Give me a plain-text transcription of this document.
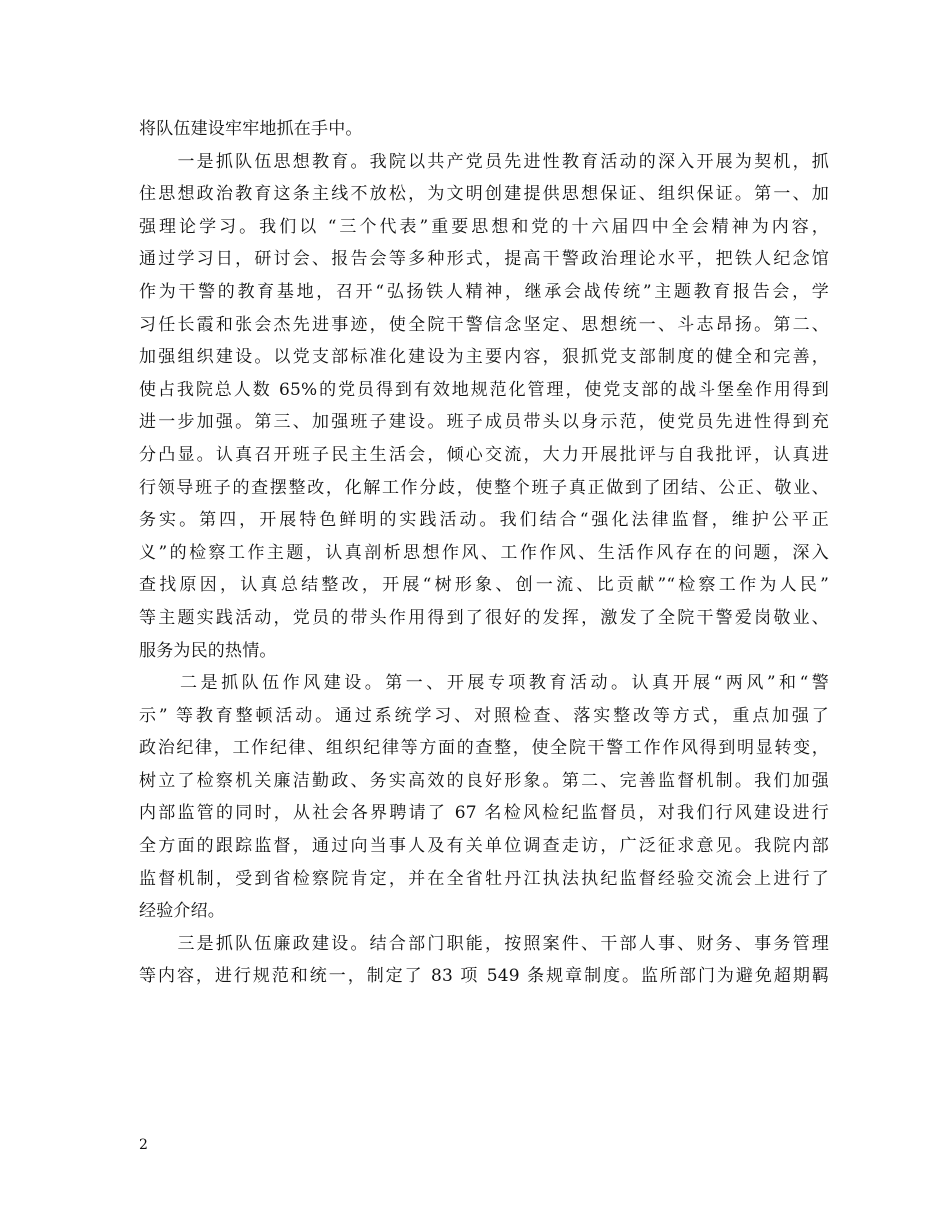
将队伍建设牢牢地抓在手中。
　　一是抓队伍思想教育。我院以共产党员先进性教育活动的深入开展为契机，抓
住思想政治教育这条主线不放松，为文明创建提供思想保证、组织保证。第一、加
强理论学习。我们以 “三个代表”重要思想和党的十六届四中全会精神为内容，
通过学习日，研讨会、报告会等多种形式，提高干警政治理论水平，把铁人纪念馆
作为干警的教育基地，召开“弘扬铁人精神，继承会战传统”主题教育报告会，学
习任长霞和张会杰先进事迹，使全院干警信念坚定、思想统一、斗志昂扬。第二、
加强组织建设。以党支部标准化建设为主要内容，狠抓党支部制度的健全和完善，
使占我院总人数 65%的党员得到有效地规范化管理，使党支部的战斗堡垒作用得到
进一步加强。第三、加强班子建设。班子成员带头以身示范，使党员先进性得到充
分凸显。认真召开班子民主生活会，倾心交流，大力开展批评与自我批评，认真进
行领导班子的查摆整改，化解工作分歧，使整个班子真正做到了团结、公正、敬业、
务实。第四，开展特色鲜明的实践活动。我们结合“强化法律监督，维护公平正
义”的检察工作主题，认真剖析思想作风、工作作风、生活作风存在的问题，深入
查找原因，认真总结整改，开展“树形象、创一流、比贡献”“检察工作为人民”
等主题实践活动，党员的带头作用得到了很好的发挥，激发了全院干警爱岗敬业、
服务为民的热情。
　　二是抓队伍作风建设。第一、开展专项教育活动。认真开展“两风”和“警
示” 等教育整顿活动。通过系统学习、对照检查、落实整改等方式，重点加强了
政治纪律，工作纪律、组织纪律等方面的查整，使全院干警工作作风得到明显转变，
树立了检察机关廉洁勤政、务实高效的良好形象。第二、完善监督机制。我们加强
内部监管的同时，从社会各界聘请了 67 名检风检纪监督员，对我们行风建设进行
全方面的跟踪监督，通过向当事人及有关单位调查走访，广泛征求意见。我院内部
监督机制，受到省检察院肯定，并在全省牡丹江执法执纪监督经验交流会上进行了
经验介绍。
　　三是抓队伍廉政建设。结合部门职能，按照案件、干部人事、财务、事务管理
等内容，进行规范和统一，制定了 83 项 549 条规章制度。监所部门为避免超期羁
2
